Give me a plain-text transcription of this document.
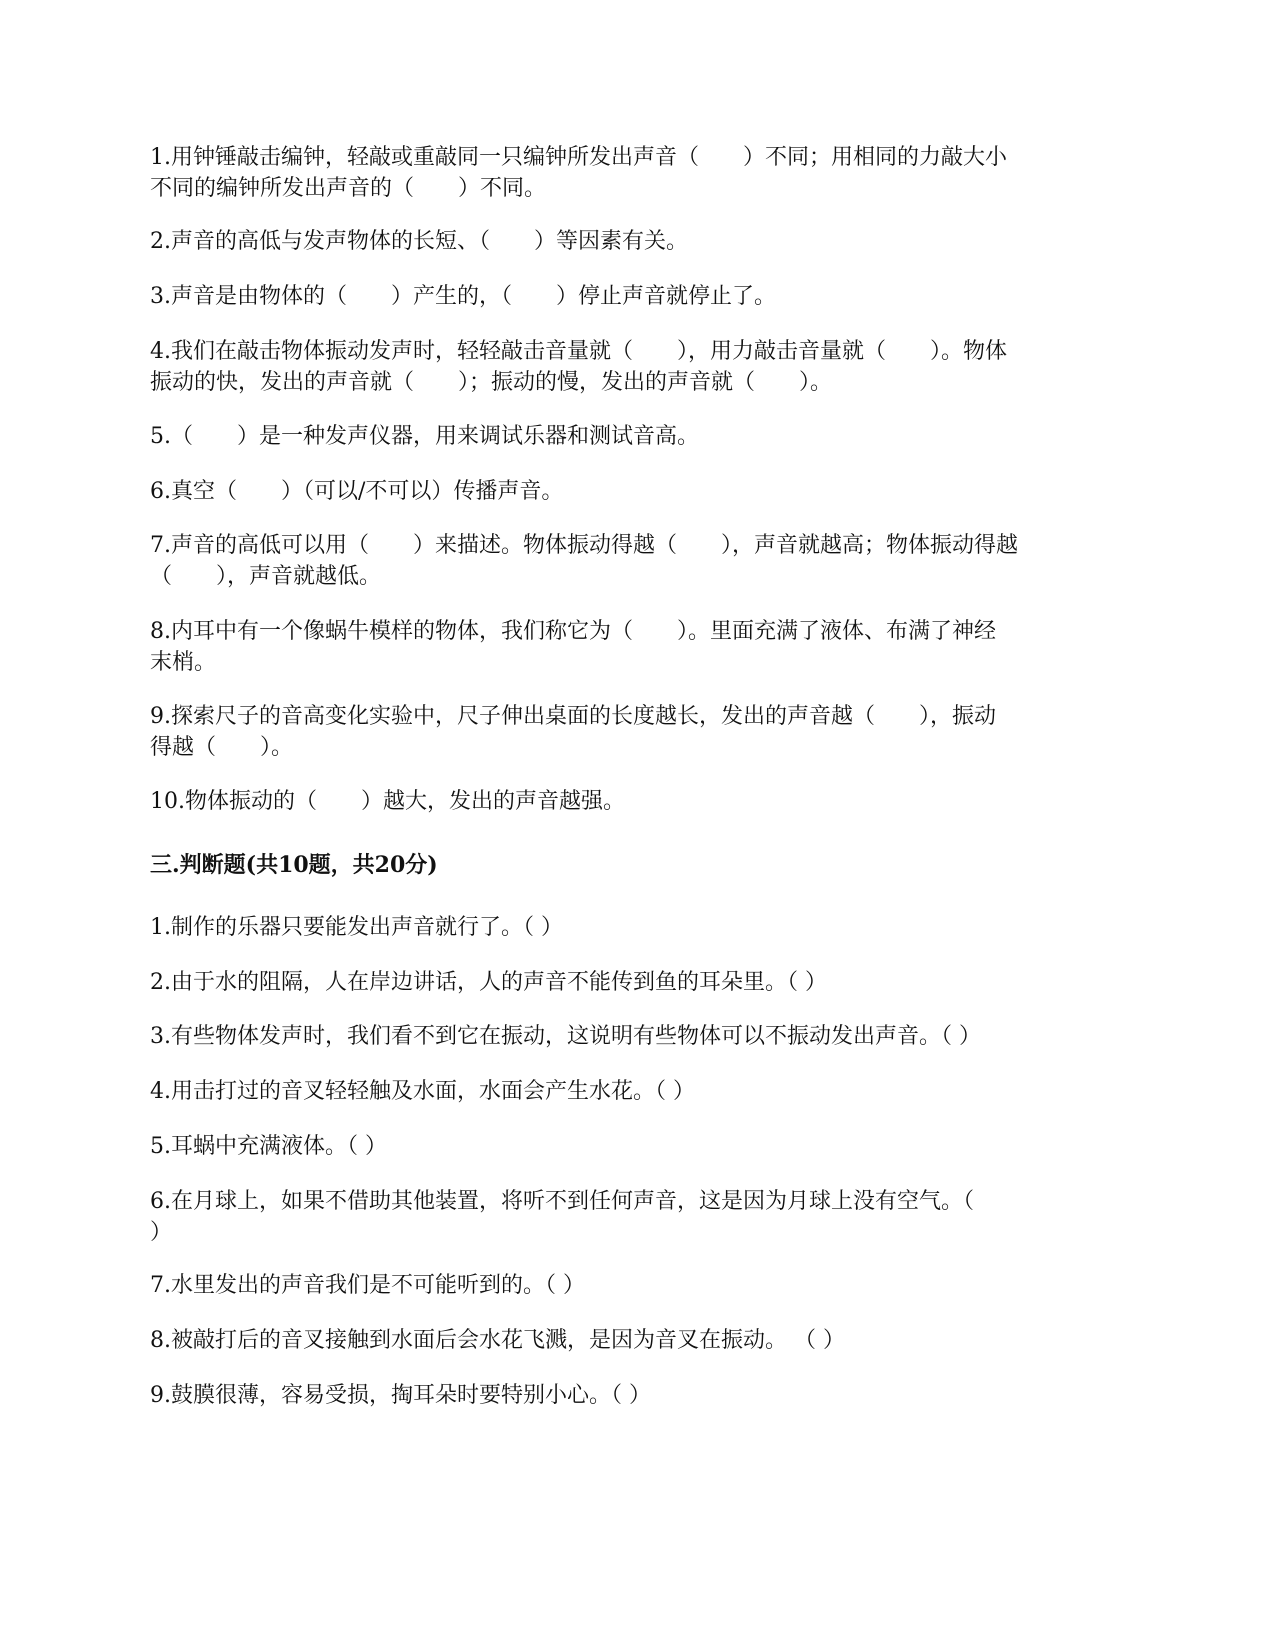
1.用钟锤敲击编钟，轻敲或重敲同一只编钟所发出声音（　　）不同；用相同的力敲大小
不同的编钟所发出声音的（　　）不同。

2.声音的高低与发声物体的长短、（　　）等因素有关。

3.声音是由物体的（　　）产生的，（　　）停止声音就停止了。

4.我们在敲击物体振动发声时，轻轻敲击音量就（　　），用力敲击音量就（　　）。物体
振动的快，发出的声音就（　　）；振动的慢，发出的声音就（　　）。

5.（　　）是一种发声仪器，用来调试乐器和测试音高。

6.真空（　　）（可以/不可以）传播声音。

7.声音的高低可以用（　　）来描述。物体振动得越（　　），声音就越高；物体振动得越
（　　），声音就越低。

8.内耳中有一个像蜗牛模样的物体，我们称它为（　　）。里面充满了液体、布满了神经
末梢。

9.探索尺子的音高变化实验中，尺子伸出桌面的长度越长，发出的声音越（　　），振动
得越（　　）。

10.物体振动的（　　）越大，发出的声音越强。

三.判断题(共10题，共20分)

1.制作的乐器只要能发出声音就行了。（ ）

2.由于水的阻隔，人在岸边讲话，人的声音不能传到鱼的耳朵里。（ ）

3.有些物体发声时，我们看不到它在振动，这说明有些物体可以不振动发出声音。（ ）

4.用击打过的音叉轻轻触及水面，水面会产生水花。（ ）

5.耳蜗中充满液体。（ ）

6.在月球上，如果不借助其他装置，将听不到任何声音，这是因为月球上没有空气。（
）

7.水里发出的声音我们是不可能听到的。（ ）

8.被敲打后的音叉接触到水面后会水花飞溅，是因为音叉在振动。 （ ）

9.鼓膜很薄，容易受损，掏耳朵时要特别小心。（ ）
